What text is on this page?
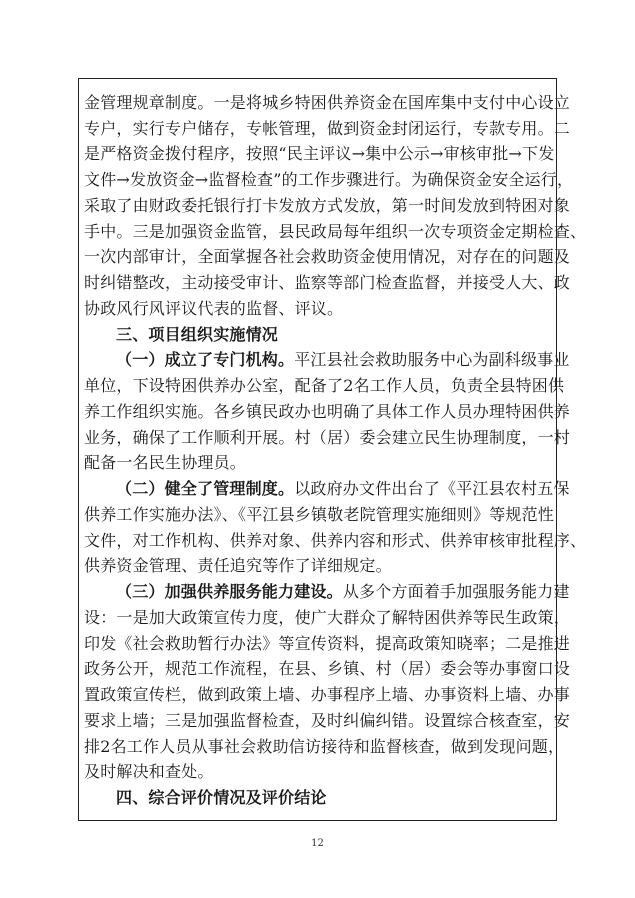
金管理规章制度。一是将城乡特困供养资金在国库集中支付中心设立
专户，实行专户储存，专帐管理，做到资金封闭运行，专款专用。二
是严格资金拨付程序，按照“民主评议→集中公示→审核审批→下发
文件→发放资金→监督检查”的工作步骤进行。为确保资金安全运行，
采取了由财政委托银行打卡发放方式发放，第一时间发放到特困对象
手中。三是加强资金监管，县民政局每年组织一次专项资金定期检查、
一次内部审计，全面掌握各社会救助资金使用情况，对存在的问题及
时纠错整改，主动接受审计、监察等部门检查监督，并接受人大、政
协政风行风评议代表的监督、评议。
三、项目组织实施情况
（一）成立了专门机构。平江县社会救助服务中心为副科级事业
单位，下设特困供养办公室，配备了2名工作人员，负责全县特困供
养工作组织实施。各乡镇民政办也明确了具体工作人员办理特困供养
业务，确保了工作顺利开展。村（居）委会建立民生协理制度，一村
配备一名民生协理员。
（二）健全了管理制度。以政府办文件出台了《平江县农村五保
供养工作实施办法》、《平江县乡镇敬老院管理实施细则》等规范性
文件，对工作机构、供养对象、供养内容和形式、供养审核审批程序、
供养资金管理、责任追究等作了详细规定。
（三）加强供养服务能力建设。从多个方面着手加强服务能力建
设：一是加大政策宣传力度，使广大群众了解特困供养等民生政策，
印发《社会救助暂行办法》等宣传资料，提高政策知晓率；二是推进
政务公开，规范工作流程，在县、乡镇、村（居）委会等办事窗口设
置政策宣传栏，做到政策上墙、办事程序上墙、办事资料上墙、办事
要求上墙；三是加强监督检查，及时纠偏纠错。设置综合核查室，安
排2名工作人员从事社会救助信访接待和监督核查，做到发现问题，
及时解决和查处。
四、综合评价情况及评价结论
12
